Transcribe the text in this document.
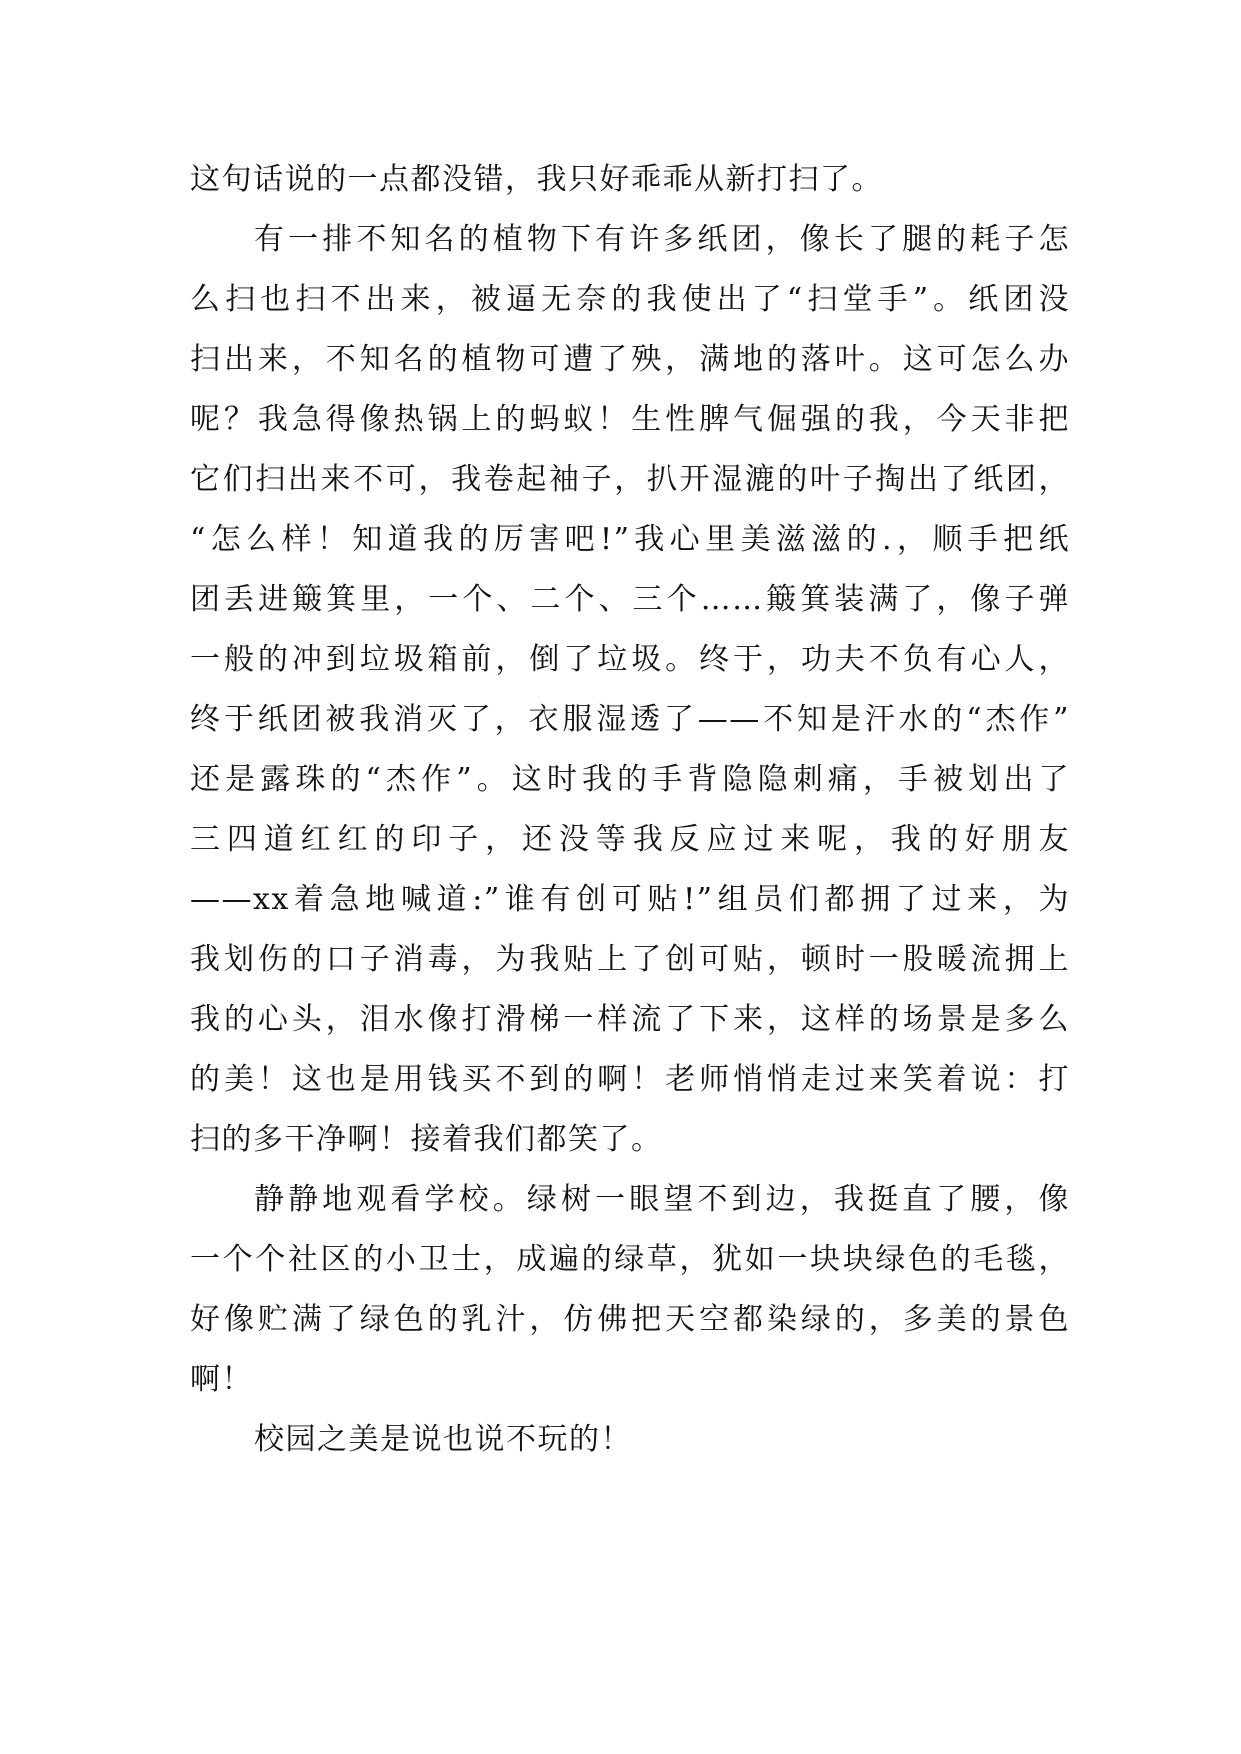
这句话说的一点都没错，我只好乖乖从新打扫了。
有一排不知名的植物下有许多纸团，像长了腿的耗子怎
么扫也扫不出来，被逼无奈的我使出了“扫堂手”。纸团没
扫出来，不知名的植物可遭了殃，满地的落叶。这可怎么办
呢？我急得像热锅上的蚂蚁！生性脾气倔强的我，今天非把
它们扫出来不可，我卷起袖子，扒开湿漉的叶子掏出了纸团，
“怎么样！知道我的厉害吧!”我心里美滋滋的.，顺手把纸
团丢进簸箕里，一个、二个、三个……簸箕装满了，像子弹
一般的冲到垃圾箱前，倒了垃圾。终于，功夫不负有心人，
终于纸团被我消灭了，衣服湿透了——不知是汗水的“杰作”
还是露珠的“杰作”。这时我的手背隐隐刺痛，手被划出了
三四道红红的印子，还没等我反应过来呢，我的好朋友
——xx着急地喊道:”谁有创可贴!”组员们都拥了过来，为
我划伤的口子消毒，为我贴上了创可贴，顿时一股暖流拥上
我的心头，泪水像打滑梯一样流了下来，这样的场景是多么
的美！这也是用钱买不到的啊！老师悄悄走过来笑着说：打
扫的多干净啊！接着我们都笑了。
静静地观看学校。绿树一眼望不到边，我挺直了腰，像
一个个社区的小卫士，成遍的绿草，犹如一块块绿色的毛毯，
好像贮满了绿色的乳汁，仿佛把天空都染绿的，多美的景色
啊！
校园之美是说也说不玩的！
